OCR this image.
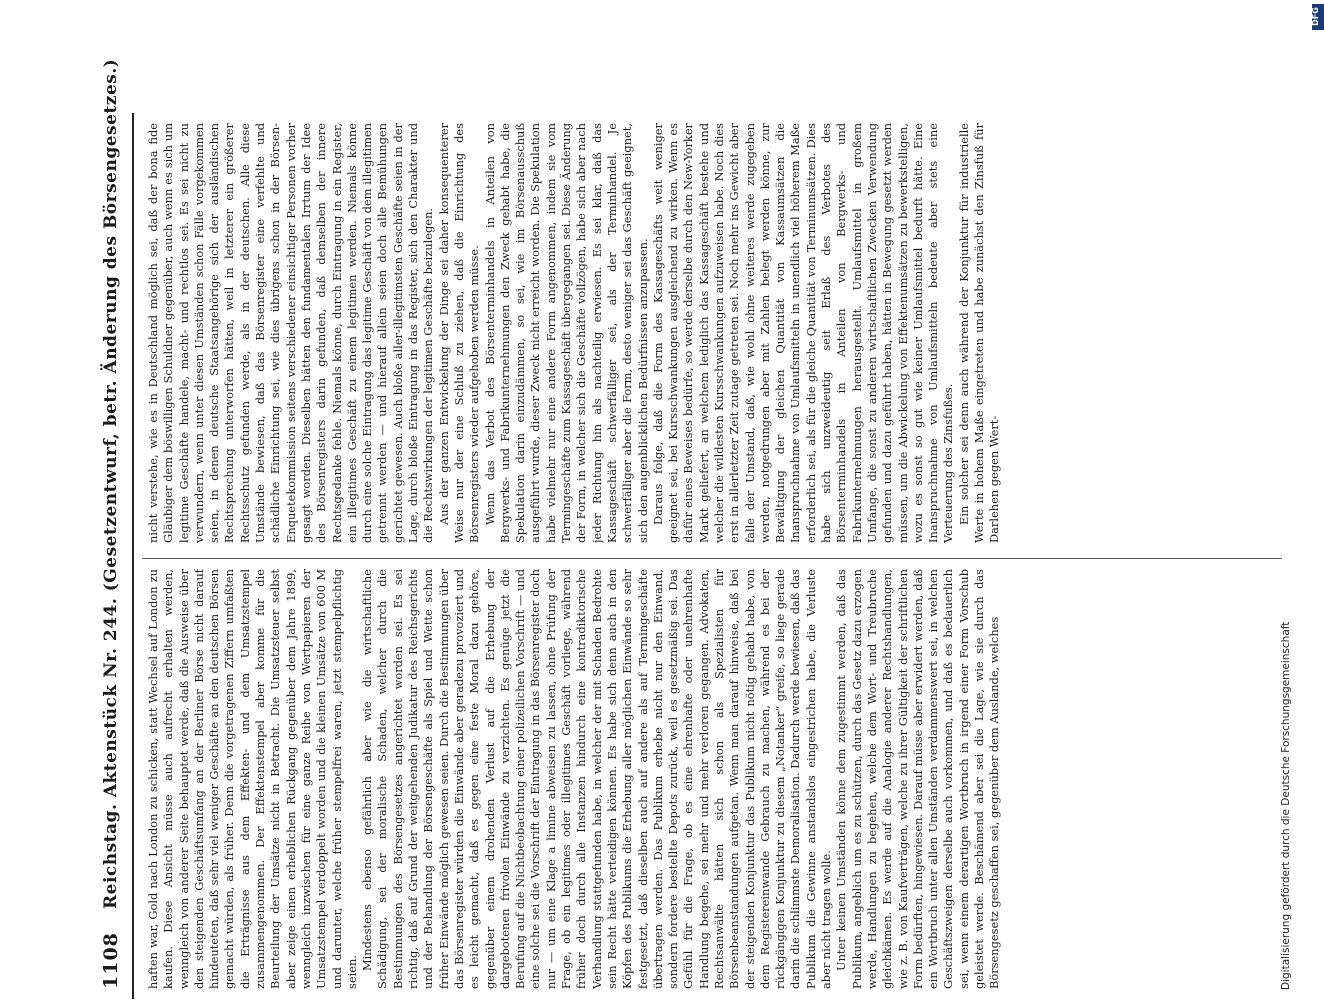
1108
Reichstag. Aktenstück Nr. 244. (Gesetzentwurf, betr. Änderung des Börsengesetzes.) haften war, Gold nach London zu schicken, statt Wechsel auf London zu kaufen. Diese Ansicht müsse auch aufrecht erhalten werden, wenngleich von anderer Seite behauptet werde, daß die Ausweise über den steigenden Geschäftsumfang an der Berliner Börse nicht darauf hindeuteten, daß sehr viel weniger Geschäfte an den deutschen Börsen gemacht würden, als früher. Denn die vorgetragenen Ziffern umfaßten die Erträgnisse aus dem Effekten- und dem Umsatzstempel zusammengenommen. Der Effektenstempel aber komme für die Beurteilung der Umsätze nicht in Betracht. Die Umsatzsteuer selbst aber zeige einen erheblichen Rückgang gegenüber dem Jahre 1899, wenngleich inzwischen für eine ganze Reihe von Wertpapieren der Umsatzstempel verdoppelt worden und die kleinen Umsätze von 600 M und darunter, welche früher stempelfrei waren, jetzt stempelpflichtig seien.

Mindestens ebenso gefährlich aber wie die wirtschaftliche Schädigung, sei der moralische Schaden, welcher durch die Bestimmungen des Börsengesetzes angerichtet worden sei. Es sei richtig, daß auf Grund der weitgehenden Judikatur des Reichsgerichts und der Behandlung der Börsengeschäfte als Spiel und Wette schon früher Einwände möglich gewesen seien. Durch die Bestimmungen über das Börsenregister würden die Einwände aber geradezu provoziert und es leicht gemacht, daß es gegen eine feste Moral dazu gehöre, gegenüber einem drohenden Verlust auf die Erhebung der dargebotenen frivolen Einwände zu verzichten. Es genüge jetzt die Berufung auf die Nichtbeobachtung einer polizeilichen Vorschrift — und eine solche sei die Vorschrift der Eintragung in das Börsenregister doch nur — um eine Klage a limine abweisen zu lassen, ohne Prüfung der Frage, ob ein legitimes oder illegitimes Geschäft vorliege, während früher doch durch alle Instanzen hindurch eine kontradiktorische Verhandlung stattgefunden habe, in welcher der mit Schaden Bedrohte sein Recht hätte verteidigen können. Es habe sich denn auch in den Köpfen des Publikums die Erhebung aller möglichen Einwände so sehr festgesetzt, daß dieselben auch auf andere als auf Termingeschäfte übertragen werden. Das Publikum erhebe nicht nur den Einwand, sondern fordere bestellte Depots zurück, weil es gesetzmäßig sei. Das Gefühl für die Frage, ob es eine ehrenhafte oder unehrenhafte Handlung begehe, sei mehr und mehr verloren gegangen. Advokaten, Rechtsanwälte hätten sich schon als Spezialisten für Börsenbeanstandungen aufgetan. Wenn man darauf hinweise, daß bei der steigenden Konjunktur das Publikum nicht nötig gehabt habe, von dem Registereinwande Gebrauch zu machen, während es bei der rückgängigen Konjunktur zu diesem „Notanker“ greife, so liege gerade darin die schlimmste Demoralisation. Dadurch werde bewiesen, daß das Publikum die Gewinne anstandslos eingestrichen habe, die Verluste aber nicht tragen wolle. Unter keinen Umständen könne dem zugestimmt werden, daß das Publikum, angeblich um es zu schützen, durch das Gesetz dazu erzogen werde, Handlungen zu begehen, welche dem Wort- und Treubruche gleichkämen. Es werde auf die Analogie anderer Rechtshandlungen, wie z. B. von Kaufverträgen, welche zu ihrer Gültigkeit der schriftlichen Form bedürften, hingewiesen. Darauf müsse aber erwidert werden, daß ein Wortbruch unter allen Umständen verdammenswert sei, in welchen Geschäftszweigen derselbe auch vorkommen, und daß es bedauerlich sei, wenn einem derartigen Wortbruch in irgend einer Form Vorschub geleistet werde. Beschämend aber sei die Lage, wie sie durch das Börsengesetz geschaffen sei, gegenüber dem Auslande, welches

nicht verstehe, wie es in Deutschland möglich sei, daß der bona fide Gläubiger dem böswilligen Schuldner gegenüber, auch wenn es sich um legitime Geschäfte handele, macht- und rechtlos sei. Es sei nicht zu verwundern, wenn unter diesen Umständen schon Fälle vorgekommen seien, in denen deutsche Staatsangehörige sich der ausländischen Rechtsprechung unterworfen hätten, weil in letzterer ein größerer Rechtsschutz gefunden werde, als in der deutschen. Alle diese Umstände bewiesen, daß das Börsenregister eine verfehlte und schädliche Einrichtung sei, wie dies übrigens schon in der Börsen-Enquetekommission seitens verschiedener einsichtiger Personen vorher gesagt worden. Dieselben hätten den fundamentalen Irrtum der Idee des Börsenregisters darin gefunden, daß demselben der innere Rechtsgedanke fehle. Niemals könne, durch Eintragung in ein Register, ein illegitimes Geschäft zu einem legitimen werden. Niemals könne durch eine solche Eintragung das legitime Geschäft von dem illegitimen getrennt werden — und hierauf allein seien doch alle Bemühungen gerichtet gewesen. Auch bloße aller-illegitimsten Geschäfte seien in der Lage, durch bloße Eintragung in das Register, sich den Charakter und die Rechtswirkungen der legitimen Geschäfte beizulegen. Aus der ganzen Entwickelung der Dinge sei daher konsequenterer Weise nur der eine Schluß zu ziehen, daß die Einrichtung des Börsenregisters wieder aufgehoben werden müsse. Wenn das Verbot des Börsenterminhandels in Anteilen von Bergwerks- und Fabrikunternehmungen den Zweck gehabt habe, die Spekulation darin einzudämmen, so sei, wie im Börsenausschuß ausgeführt wurde, dieser Zweck nicht erreicht worden. Die Spekulation habe vielmehr nur eine andere Form angenommen, indem sie vom Termingeschäfte zum Kassageschäft übergegangen sei. Diese Änderung der Form, in welcher sich die Geschäfte vollzögen, habe sich aber nach jeder Richtung hin als nachteilig erwiesen. Es sei klar, daß das Kassageschäft schwerfälliger sei, als der Terminhandel. Je schwerfälliger aber die Form, desto weniger sei das Geschäft geeignet, sich den augenblicklichen Bedürfnissen anzupassen. Daraus folge, daß die Form des Kassageschäfts weit weniger geeignet sei, bei Kursschwankungen ausgleichend zu wirken. Wenn es dafür eines Beweises bedürfe, so werde derselbe durch den New-Yorker Markt geliefert, an welchem lediglich das Kassageschäft bestehe und welcher die wildesten Kursschwankungen aufzuweisen habe. Noch dies erst in allerletzter Zeit zutage getreten sei. Noch mehr ins Gewicht aber falle der Umstand, daß, wie wohl ohne weiteres werde zugegeben werden, notgedrungen aber mit Zahlen belegt werden könne, zur Bewältigung der gleichen Quantität von Kassaumsätzen die Inanspruchnahme von Umlaufsmitteln in unendlich viel höherem Maße erforderlich sei, als für die gleiche Quantität von Terminumsätzen. Dies habe sich unzweideutig seit Erlaß des Verbotes des Börsenterminhandels in Anteilen von Bergwerks- und Fabrikunternehmungen herausgestellt. Umlaufsmittel in großem Umfange, die sonst zu anderen wirtschaftlichen Zwecken Verwendung gefunden und dazu geführt haben, hätten in Bewegung gesetzt werden müssen, um die Abwickelung von Effektenumsätzen zu bewerkstelligen, wozu es sonst so gut wie keiner Umlaufsmittel bedurft hätte. Eine Inanspruchnahme von Umlaufsmitteln bedeute aber stets eine Verteuerung des Zinsfußes. Ein solcher sei denn auch während der Konjunktur für industrielle Werte in hohem Maße eingetreten und habe zunächst den Zinsfuß für Darlehen gegen Wert-

Digitalisierung gefördert durch die Deutsche Forschungsgemeinschaft
DFG
